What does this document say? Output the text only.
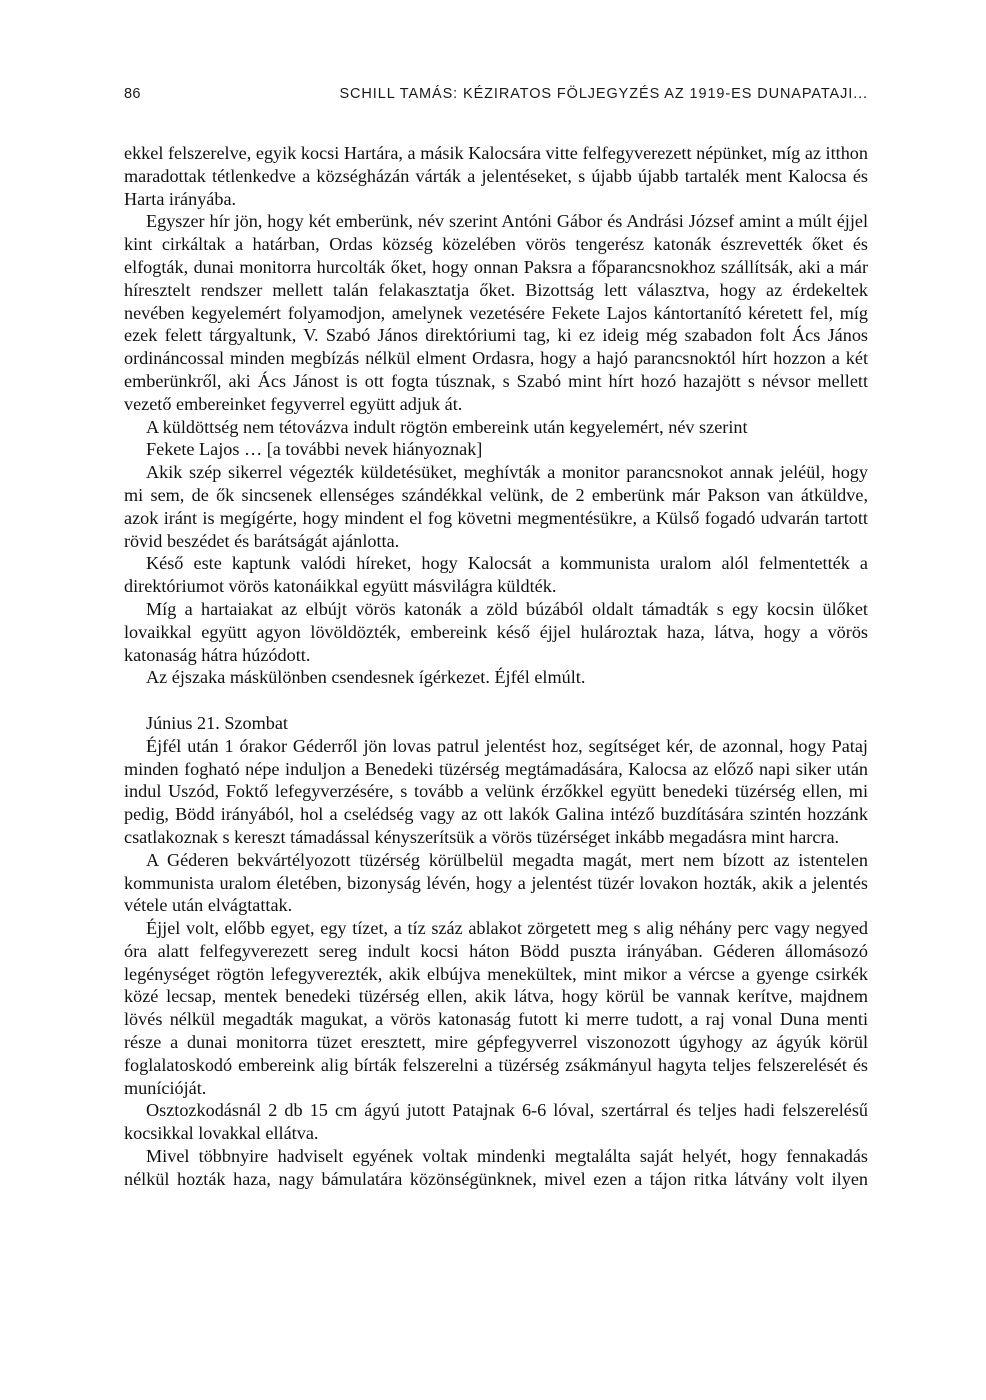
86	SCHILL TAMÁS: KÉZIRATOS FÖLJEGYZÉS AZ 1919-ES DUNAPATAJI...

ekkel felszerelve, egyik kocsi Hartára, a másik Kalocsára vitte felfegyverezett népünket, míg az itthon maradottak tétlenkedve a községházán várták a jelentéseket, s újabb újabb tartalék ment Kalocsa és Harta irányába.

Egyszer hír jön, hogy két emberünk, név szerint Antóni Gábor és Andrási József amint a múlt éjjel kint cirkáltak a határban, Ordas község közelében vörös tengerész katonák észrevették őket és elfogták, dunai monitorra hurcolták őket, hogy onnan Paksra a főparancsnokhoz szállítsák, aki a már híresztelt rendszer mellett talán felakasztatja őket. Bizottság lett választva, hogy az érdekeltek nevében kegyelemért folyamodjon, amelynek vezetésére Fekete Lajos kántortanító kéretett fel, míg ezek felett tárgyaltunk, V. Szabó János direktóriumi tag, ki ez ideig még szabadon folt Ács János ordináncossal minden megbízás nélkül elment Ordasra, hogy a hajó parancsnoktól hírt hozzon a két emberünkről, aki Ács Jánost is ott fogta túsznak, s Szabó mint hírt hozó hazajött s névsor mellett vezető embereinket fegyverrel együtt adjuk át.

A küldöttség nem tétovázva indult rögtön embereink után kegyelemért, név szerint

Fekete Lajos … [a további nevek hiányoznak]

Akik szép sikerrel végezték küldetésüket, meghívták a monitor parancsnokot annak jeléül, hogy mi sem, de ők sincsenek ellenséges szándékkal velünk, de 2 emberünk már Pakson van átküldve, azok iránt is megígérte, hogy mindent el fog követni megmentésükre, a Külső fogadó udvarán tartott rövid beszédet és barátságát ajánlotta.

Késő este kaptunk valódi híreket, hogy Kalocsát a kommunista uralom alól felmentették a direktóriumot vörös katonáikkal együtt másvilágra küldték.

Míg a hartaiakat az elbújt vörös katonák a zöld búzából oldalt támadták s egy kocsin ülőket lovaikkal együtt agyon lövöldözték, embereink késő éjjel hulároztak haza, látva, hogy a vörös katonaság hátra húzódott.

Az éjszaka máskülönben csendesnek ígérkezet. Éjfél elmúlt.

Június 21. Szombat

Éjfél után 1 órakor Géderről jön lovas patrul jelentést hoz, segítséget kér, de azonnal, hogy Pataj minden fogható népe induljon a Benedeki tüzérség megtámadására, Kalocsa az előző napi siker után indul Uszód, Foktő lefegyverzésére, s tovább a velünk érzőkkel együtt benedeki tüzérség ellen, mi pedig, Bödd irányából, hol a cselédség vagy az ott lakók Galina intéző buzdítására szintén hozzánk csatlakoznak s kereszt támadással kényszerítsük a vörös tüzérséget inkább megadásra mint harcra.

A Géderen bekvártélyozott tüzérség körülbelül megadta magát, mert nem bízott az istentelen kommunista uralom életében, bizonyság lévén, hogy a jelentést tüzér lovakon hozták, akik a jelentés vétele után elvágtattak.

Éjjel volt, előbb egyet, egy tízet, a tíz száz ablakot zörgetett meg s alig néhány perc vagy negyed óra alatt felfegyverezett sereg indult kocsi háton Bödd puszta irányában. Géderen állomásozó legénységet rögtön lefegyverezték, akik elbújva menekültek, mint mikor a vércse a gyenge csirkék közé lecsap, mentek benedeki tüzérség ellen, akik látva, hogy körül be vannak kerítve, majdnem lövés nélkül megadták magukat, a vörös katonaság futott ki merre tudott, a raj vonal Duna menti része a dunai monitorra tüzet eresztett, mire gépfegyverrel viszonozott úgyhogy az ágyúk körül foglalatoskodó embereink alig bírták felszerelni a tüzérség zsákmányul hagyta teljes felszerelését és munícióját.

Osztozkodásnál 2 db 15 cm ágyú jutott Patajnak 6-6 lóval, szertárral és teljes hadi felszerelésű kocsikkal lovakkal ellátva.

Mivel többnyire hadviselt egyének voltak mindenki megtalálta saját helyét, hogy fennakadás nélkül hozták haza, nagy bámulatára közönségünknek, mivel ezen a tájon ritka látvány volt ilyen
